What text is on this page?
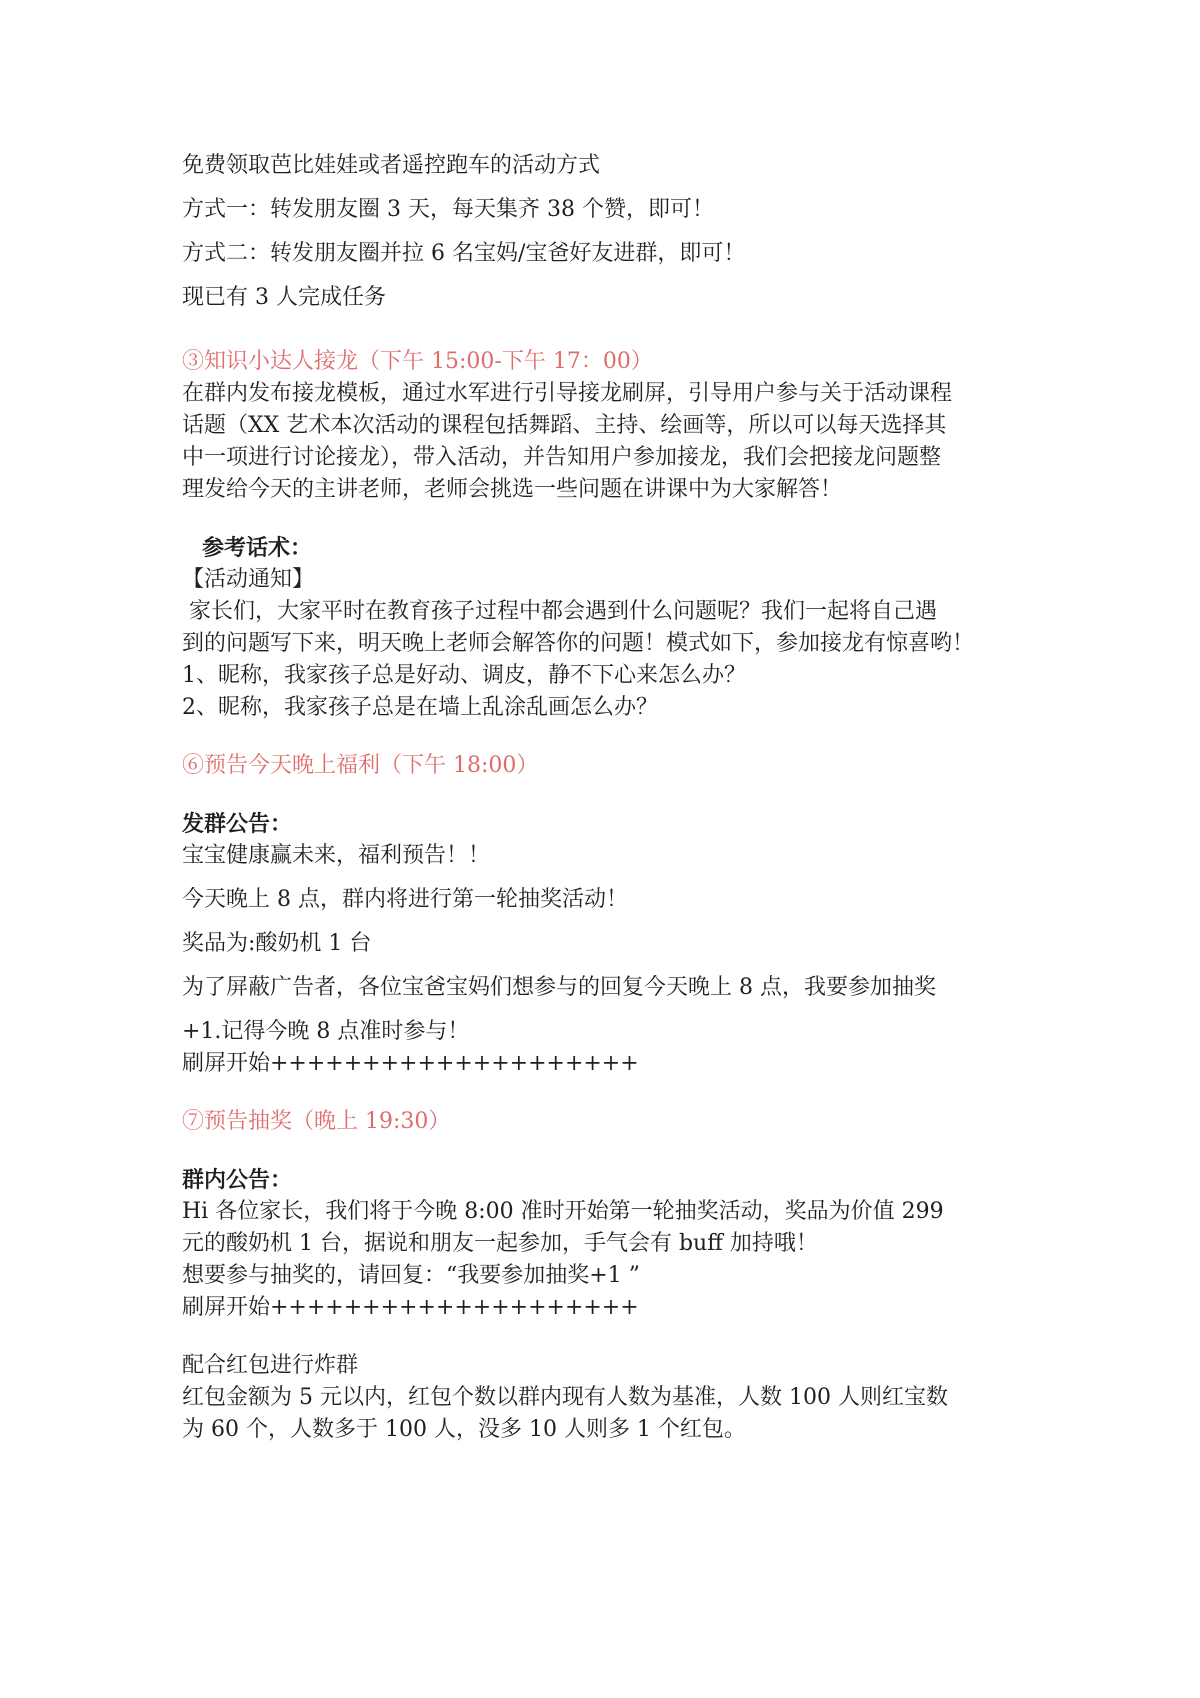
免费领取芭比娃娃或者遥控跑车的活动方式

方式一：转发朋友圈 3 天，每天集齐 38 个赞，即可！

方式二：转发朋友圈并拉 6 名宝妈/宝爸好友进群，即可！

现已有 3 人完成任务

③知识小达人接龙（下午 15:00-下午 17：00）

在群内发布接龙模板，通过水军进行引导接龙刷屏，引导用户参与关于活动课程

话题（XX 艺术本次活动的课程包括舞蹈、主持、绘画等，所以可以每天选择其

中一项进行讨论接龙），带入活动，并告知用户参加接龙，我们会把接龙问题整

理发给今天的主讲老师，老师会挑选一些问题在讲课中为大家解答！

参考话术：

【活动通知】

家长们，大家平时在教育孩子过程中都会遇到什么问题呢？我们一起将自己遇

到的问题写下来，明天晚上老师会解答你的问题！模式如下，参加接龙有惊喜哟！

1、昵称，我家孩子总是好动、调皮，静不下心来怎么办？

2、昵称，我家孩子总是在墙上乱涂乱画怎么办？

⑥预告今天晚上福利（下午 18:00）

发群公告：

宝宝健康赢未来，福利预告！！

今天晚上 8 点，群内将进行第一轮抽奖活动！

奖品为:酸奶机 1 台

为了屏蔽广告者，各位宝爸宝妈们想参与的回复今天晚上 8 点，我要参加抽奖

+1.记得今晚 8 点准时参与！

刷屏开始++++++++++++++++++++

⑦预告抽奖（晚上 19:30）

群内公告：

Hi 各位家长，我们将于今晚 8:00 准时开始第一轮抽奖活动，奖品为价值 299

元的酸奶机 1 台，据说和朋友一起参加，手气会有 buff 加持哦！

想要参与抽奖的，请回复：“我要参加抽奖+1 ”

刷屏开始++++++++++++++++++++

配合红包进行炸群

红包金额为 5 元以内，红包个数以群内现有人数为基准，人数 100 人则红宝数

为 60 个，人数多于 100 人，没多 10 人则多 1 个红包。
